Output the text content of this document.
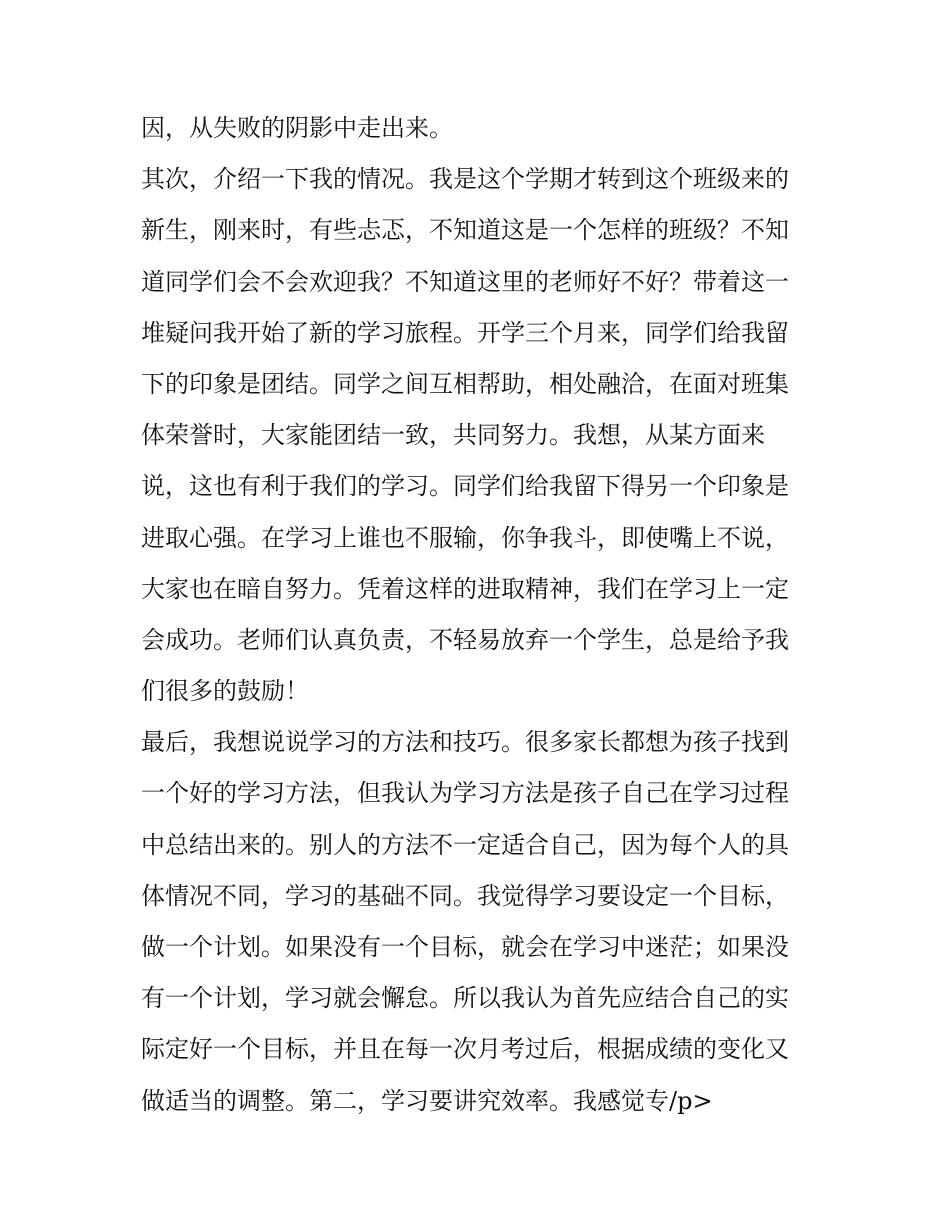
因，从失败的阴影中走出来。
其次，介绍一下我的情况。我是这个学期才转到这个班级来的
新生，刚来时，有些忐忑，不知道这是一个怎样的班级？不知
道同学们会不会欢迎我？不知道这里的老师好不好？带着这一
堆疑问我开始了新的学习旅程。开学三个月来，同学们给我留
下的印象是团结。同学之间互相帮助，相处融洽，在面对班集
体荣誉时，大家能团结一致，共同努力。我想，从某方面来
说，这也有利于我们的学习。同学们给我留下得另一个印象是
进取心强。在学习上谁也不服输，你争我斗，即使嘴上不说，
大家也在暗自努力。凭着这样的进取精神，我们在学习上一定
会成功。老师们认真负责，不轻易放弃一个学生，总是给予我
们很多的鼓励！
最后，我想说说学习的方法和技巧。很多家长都想为孩子找到
一个好的学习方法，但我认为学习方法是孩子自己在学习过程
中总结出来的。别人的方法不一定适合自己，因为每个人的具
体情况不同，学习的基础不同。我觉得学习要设定一个目标，
做一个计划。如果没有一个目标，就会在学习中迷茫；如果没
有一个计划，学习就会懈怠。所以我认为首先应结合自己的实
际定好一个目标，并且在每一次月考过后，根据成绩的变化又
做适当的调整。第二，学习要讲究效率。我感觉专/p>
